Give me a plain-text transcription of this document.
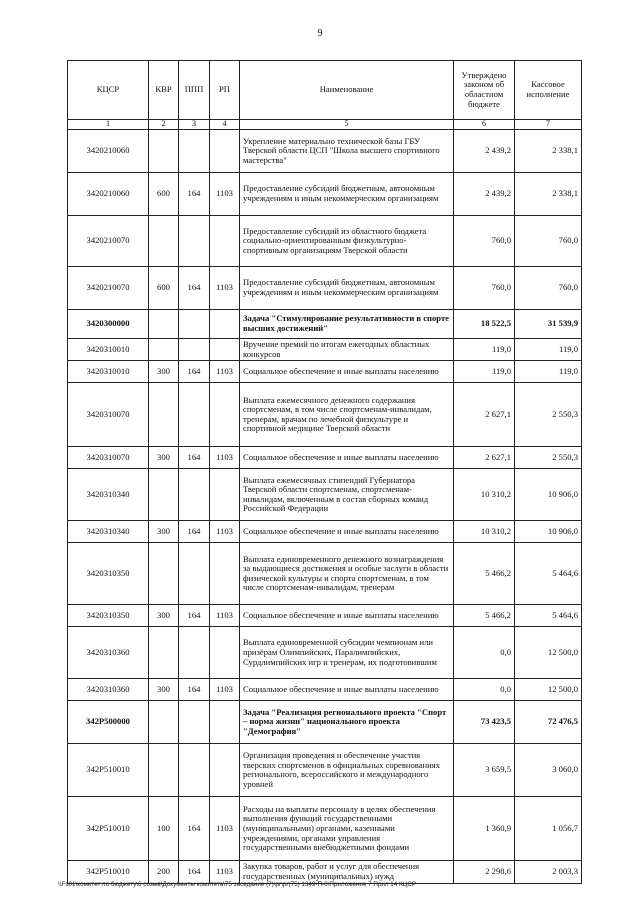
9
КЦСР	КВР	ППП	РП	Наименование	Утверждено законом об областном бюджете	Кассовое исполнение
1	2	3	4	5	6	7
3420210060				Укрепление материально технической базы ГБУ Тверской области ЦСП "Школа высшего спортивного мастерства"	2 439,2	2 338,1
3420210060	600	164	1103	Предоставление субсидий бюджетным, автономным учреждениям и иным некоммерческим организациям	2 439,2	2 338,1
3420210070				Предоставление субсидий из областного бюджета социально-ориентированным физкультурно-спортивным организациям Тверской области	760,0	760,0
3420210070	600	164	1103	Предоставление субсидий бюджетным, автономным учреждениям и иным некоммерческим организациям	760,0	760,0
3420300000				Задача "Стимулирование результативности в спорте высших достижений"	18 522,5	31 539,9
3420310010				Вручение премий по итогам ежегодных областных конкурсов	119,0	119,0
3420310010	300	164	1103	Социальное обеспечение и иные выплаты населению	119,0	119,0
3420310070				Выплата ежемесячного денежного содержания спортсменам, в том числе спортсменам-инвалидам, тренерам, врачам по лечебной физкультуре и спортивной медицине Тверской области	2 627,1	2 550,3
3420310070	300	164	1103	Социальное обеспечение и иные выплаты населению	2 627,1	2 550,3
3420310340				Выплата ежемесячных стипендий Губернатора Тверской области спортсменам, спортсменам-инвалидам, включенным в состав сборных команд Российской Федерации	10 310,2	10 906,0
3420310340	300	164	1103	Социальное обеспечение и иные выплаты населению	10 310,2	10 906,0
3420310350				Выплата единовременного денежного вознаграждения за выдающиеся достижения и особые заслуги в области физической культуры и спорта спортсменам, в том числе спортсменам-инвалидам, тренерам	5 466,2	5 464,6
3420310350	300	164	1103	Социальное обеспечение и иные выплаты населению	5 466,2	5 464,6
3420310360				Выплата единовременной субсидии чемпионам или призёрам Олимпийских, Паралимпийских, Сурдлимпийских игр и тренерам, их подготовившим	0,0	12 500,0
3420310360	300	164	1103	Социальное обеспечение и иные выплаты населению	0,0	12 500,0
342P500000				Задача "Реализация регионального проекта "Спорт – норма жизни" национального проекта "Демография"	73 423,5	72 476,5
342P510010				Организация проведения и обеспечение участия тверских спортсменов в официальных соревнованиях регионального, всероссийского и международного уровней	3 659,5	3 060,0
342P510010	100	164	1103	Расходы на выплаты персоналу в целях обеспечения выполнения функций государственными (муниципальными) органами, казенными учреждениями, органами управления государственными внебюджетными фондами	1 360,9	1 056,7
342P510010	200	164	1103	Закупка товаров, работ и услуг для обеспечения государственных (муниципальных) нужд	2 298,6	2 003,3
\\Fs01\комитет по бюджету\6 созыв\Документы комитета\75 заседание (7)\pr\pr(75) 1349-П-6\Приложение 7 Прил 14 КЦСР
